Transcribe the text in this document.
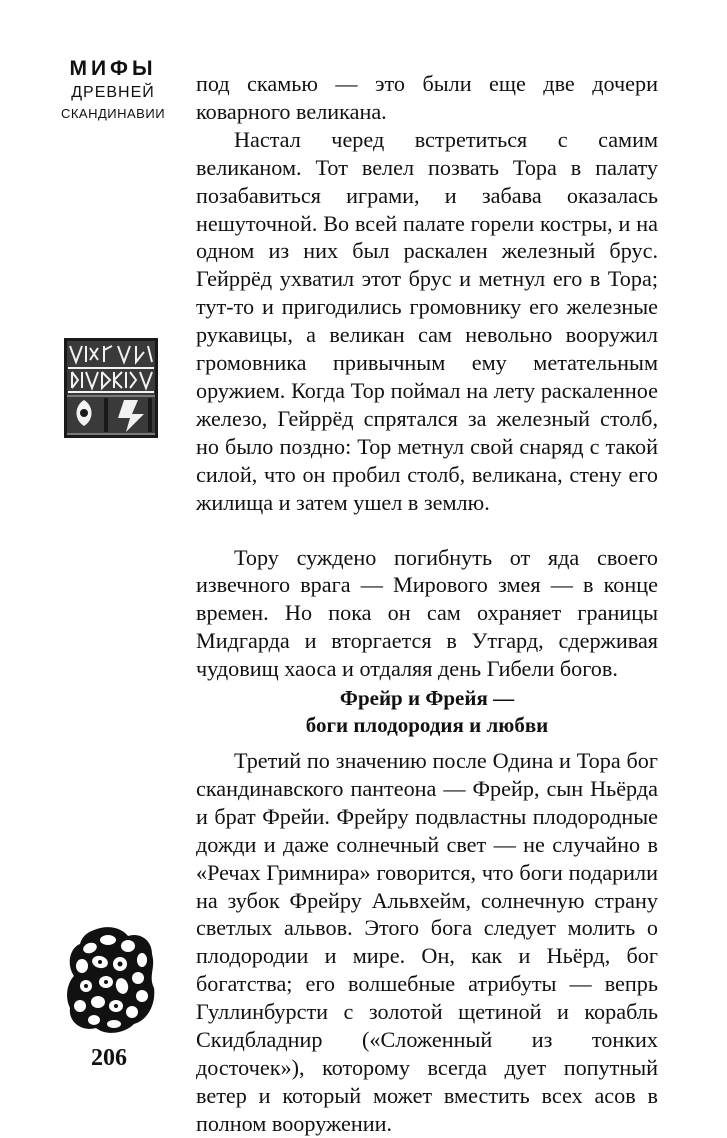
МИФЫ
ДРЕВНЕЙ
СКАНДИНАВИИ
206

под скамью — это были еще две дочери коварного великана.

Настал черед встретиться с самим великаном. Тот велел позвать Тора в палату позабавиться играми, и забава оказалась нешуточной. Во всей палате горели костры, и на одном из них был раскален железный брус. Гейррёд ухватил этот брус и метнул его в Тора; тут-то и пригодились громовнику его железные рукавицы, а великан сам невольно вооружил громовника привычным ему метательным оружием. Когда Тор поймал на лету раскаленное железо, Гейррёд спрятался за железный столб, но было поздно: Тор метнул свой снаряд с такой силой, что он пробил столб, великана, стену его жилища и затем ушел в землю.

Тору суждено погибнуть от яда своего извечного врага — Мирового змея — в конце времен. Но пока он сам охраняет границы Мидгарда и вторгается в Утгард, сдерживая чудовищ хаоса и отдаляя день Гибели богов.

Фрейр и Фрейя —
боги плодородия и любви

Третий по значению после Одина и Тора бог скандинавского пантеона — Фрейр, сын Ньёрда и брат Фрейи. Фрейру подвластны плодородные дожди и даже солнечный свет — не случайно в «Речах Гримнира» говорится, что боги подарили на зубок Фрейру Альвхейм, солнечную страну светлых альвов. Этого бога следует молить о плодородии и мире. Он, как и Ньёрд, бог богатства; его волшебные атрибуты — вепрь Гуллинбурсти с золотой щетиной и корабль Скидбладнир («Сложенный из тонких досточек»), которому всегда дует попутный ветер и который может вместить всех асов в полном вооружении.
